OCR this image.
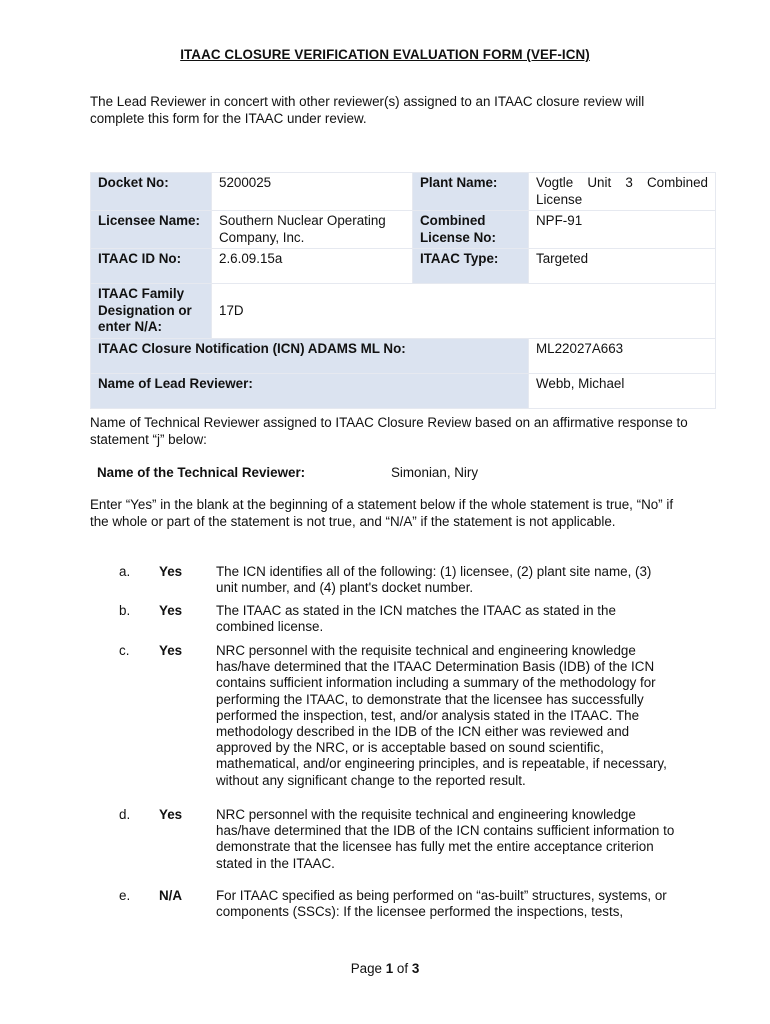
ITAAC CLOSURE VERIFICATION EVALUATION FORM (VEF-ICN)
The Lead Reviewer in concert with other reviewer(s) assigned to an ITAAC closure review will complete this form for the ITAAC under review.
Docket No:	5200025	Plant Name:	Vogtle Unit 3 Combined License
Licensee Name:	Southern Nuclear Operating Company, Inc.	Combined License No:	NPF-91
ITAAC ID No:	2.6.09.15a	ITAAC Type:	Targeted
ITAAC Family Designation or enter N/A:	17D		
ITAAC Closure Notification (ICN) ADAMS ML No:			ML22027A663
Name of Lead Reviewer:			Webb, Michael
Name of Technical Reviewer assigned to ITAAC Closure Review based on an affirmative response to statement “j” below:
Name of the Technical Reviewer:	Simonian, Niry
Enter “Yes” in the blank at the beginning of a statement below if the whole statement is true, “No” if the whole or part of the statement is not true, and “N/A” if the statement is not applicable.
a. Yes	The ICN identifies all of the following: (1) licensee, (2) plant site name, (3) unit number, and (4) plant's docket number.
b. Yes	The ITAAC as stated in the ICN matches the ITAAC as stated in the combined license.
c. Yes	NRC personnel with the requisite technical and engineering knowledge has/have determined that the ITAAC Determination Basis (IDB) of the ICN contains sufficient information including a summary of the methodology for performing the ITAAC, to demonstrate that the licensee has successfully performed the inspection, test, and/or analysis stated in the ITAAC. The methodology described in the IDB of the ICN either was reviewed and approved by the NRC, or is acceptable based on sound scientific, mathematical, and/or engineering principles, and is repeatable, if necessary, without any significant change to the reported result.
d. Yes	NRC personnel with the requisite technical and engineering knowledge has/have determined that the IDB of the ICN contains sufficient information to demonstrate that the licensee has fully met the entire acceptance criterion stated in the ITAAC.
e. N/A	For ITAAC specified as being performed on “as-built” structures, systems, or components (SSCs): If the licensee performed the inspections, tests,
Page 1 of 3
